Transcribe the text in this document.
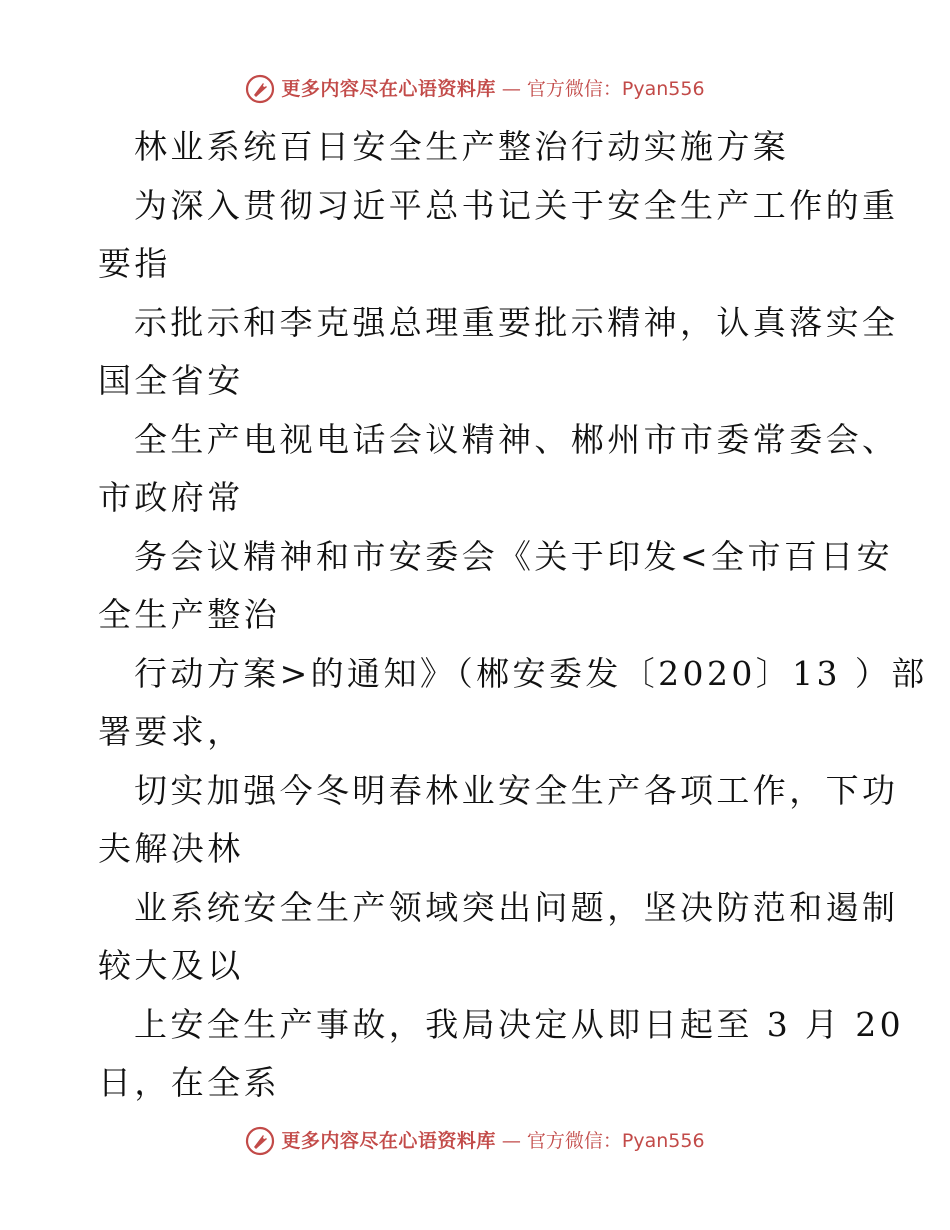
更多内容尽在心语资料库 — 官方微信：Pyan556
林业系统百日安全生产整治行动实施方案
为深入贯彻习近平总书记关于安全生产工作的重
要指
示批示和李克强总理重要批示精神，认真落实全
国全省安
全生产电视电话会议精神、郴州市市委常委会、
市政府常
务会议精神和市安委会《关于印发<全市百日安
全生产整治
行动方案>的通知》（郴安委发〔2020〕13 ）部
署要求，
切实加强今冬明春林业安全生产各项工作，下功
夫解决林
业系统安全生产领域突出问题，坚决防范和遏制
较大及以
上安全生产事故，我局决定从即日起至 3 月 20
日，在全系
更多内容尽在心语资料库 — 官方微信：Pyan556
